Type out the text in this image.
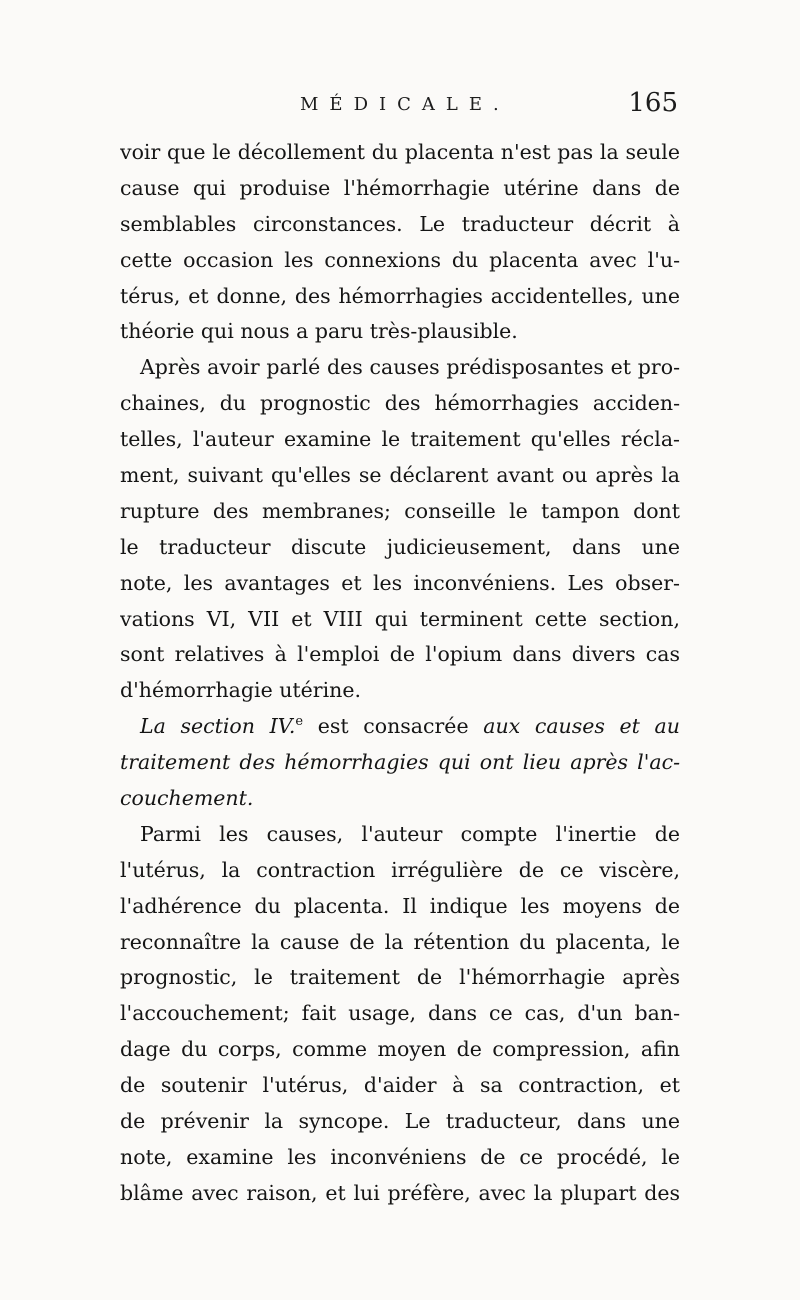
MÉDICALE.	165
voir que le décollement du placenta n'est pas la seule
cause qui produise l'hémorrhagie utérine dans de
semblables circonstances. Le traducteur décrit à
cette occasion les connexions du placenta avec l'u-
térus, et donne, des hémorrhagies accidentelles, une
théorie qui nous a paru très-plausible.
Après avoir parlé des causes prédisposantes et pro-
chaines, du prognostic des hémorrhagies acciden-
telles, l'auteur examine le traitement qu'elles récla-
ment, suivant qu'elles se déclarent avant ou après la
rupture des membranes; conseille le tampon dont
le traducteur discute judicieusement, dans une
note, les avantages et les inconvéniens. Les obser-
vations VI, VII et VIII qui terminent cette section,
sont relatives à l'emploi de l'opium dans divers cas
d'hémorrhagie utérine.
La section IV.$^e$ est consacrée aux causes et au
traitement des hémorrhagies qui ont lieu après l'ac-
couchement.
Parmi les causes, l'auteur compte l'inertie de
l'utérus, la contraction irrégulière de ce viscère,
l'adhérence du placenta. Il indique les moyens de
reconnaître la cause de la rétention du placenta, le
prognostic, le traitement de l'hémorrhagie après
l'accouchement; fait usage, dans ce cas, d'un ban-
dage du corps, comme moyen de compression, afin
de soutenir l'utérus, d'aider à sa contraction, et
de prévenir la syncope. Le traducteur, dans une
note, examine les inconvéniens de ce procédé, le
blâme avec raison, et lui préfère, avec la plupart des
